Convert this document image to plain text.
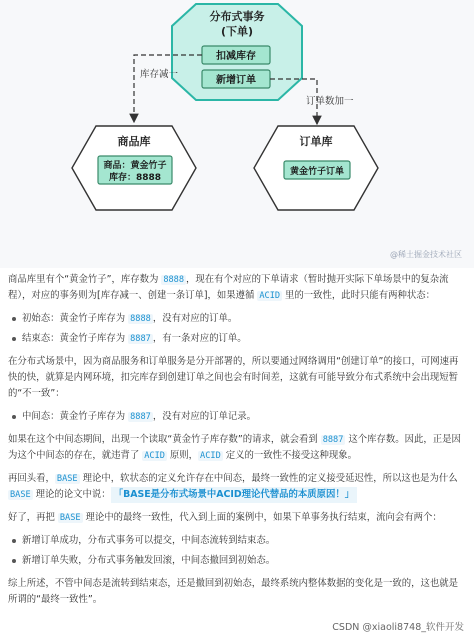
分布式事务
(下单)
扣减库存
新增订单
库存减一
订单数加一
商品库
商品：黄金竹子
库存：8888
订单库
黄金竹子订单
@稀土掘金技术社区

商品库里有个“黄金竹子”，库存数为 8888 ，现在有个对应的下单请求（暂时抛开实际下单场景中的复杂流程），对应的事务则为[库存减一、创建一条订单]，如果遵循 ACID 里的一致性，此时只能有两种状态：

初始态：黄金竹子库存为 8888 ，没有对应的订单。
结束态：黄金竹子库存为 8887 ，有一条对应的订单。

在分布式场景中，因为商品服务和订单服务是分开部署的，所以要通过网络调用“创建订单”的接口，可网速再快的快，就算是内网环境，扣完库存到创建订单之间也会有时间差，这就有可能导致分布式系统中会出现短暂的“不一致”：

中间态：黄金竹子库存为 8887 ，没有对应的订单记录。

如果在这个中间态期间，出现一个读取“黄金竹子库存数”的请求，就会看到 8887 这个库存数。因此，正是因为这个中间态的存在，就违背了 ACID 原则， ACID 定义的一致性不接受这种现象。

再回头看， BASE 理论中，软状态的定义允许存在中间态，最终一致性的定义接受延迟性，所以这也是为什么 BASE 理论的论文中说： 「BASE是分布式场景中ACID理论代替品的本质原因！」

好了，再把 BASE 理论中的最终一致性，代入到上面的案例中，如果下单事务执行结束，流向会有两个：

新增订单成功，分布式事务可以提交，中间态流转到结束态。
新增订单失败，分布式事务触发回滚，中间态撤回到初始态。

综上所述，不管中间态是流转到结束态，还是撤回到初始态，最终系统内整体数据的变化是一致的，这也就是所谓的“最终一致性”。

CSDN @xiaoli8748_软件开发
